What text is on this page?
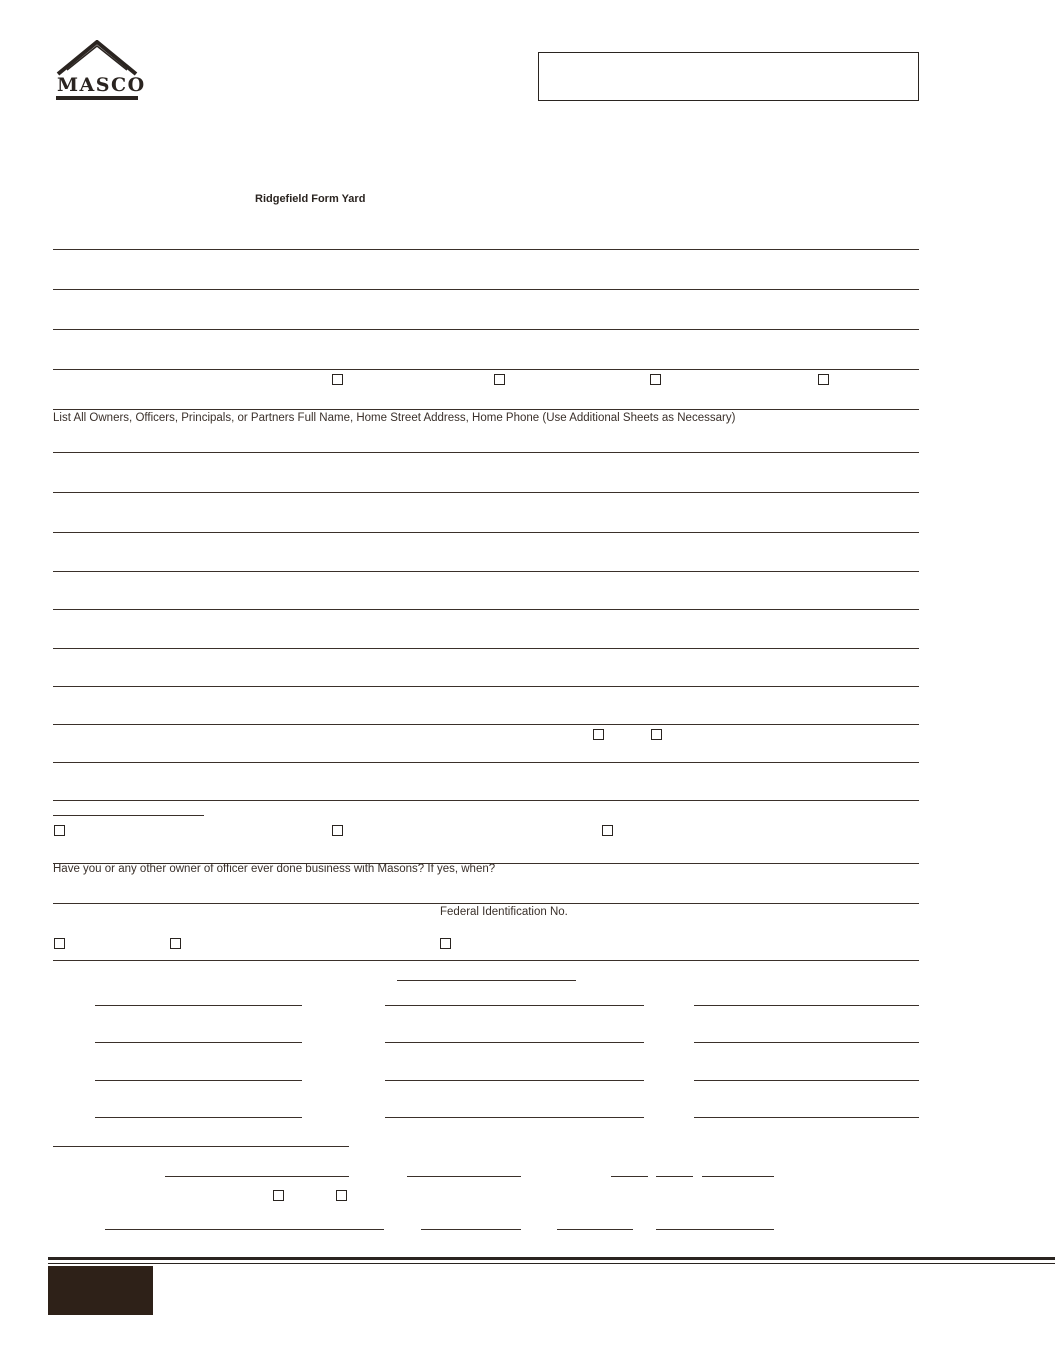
MASCO
Ridgefield Form Yard
List All Owners, Officers, Principals, or Partners Full Name, Home Street Address, Home Phone (Use Additional Sheets as Necessary)
Have you or any other owner of officer ever done business with Masons? If yes, when?
Federal Identification No.
